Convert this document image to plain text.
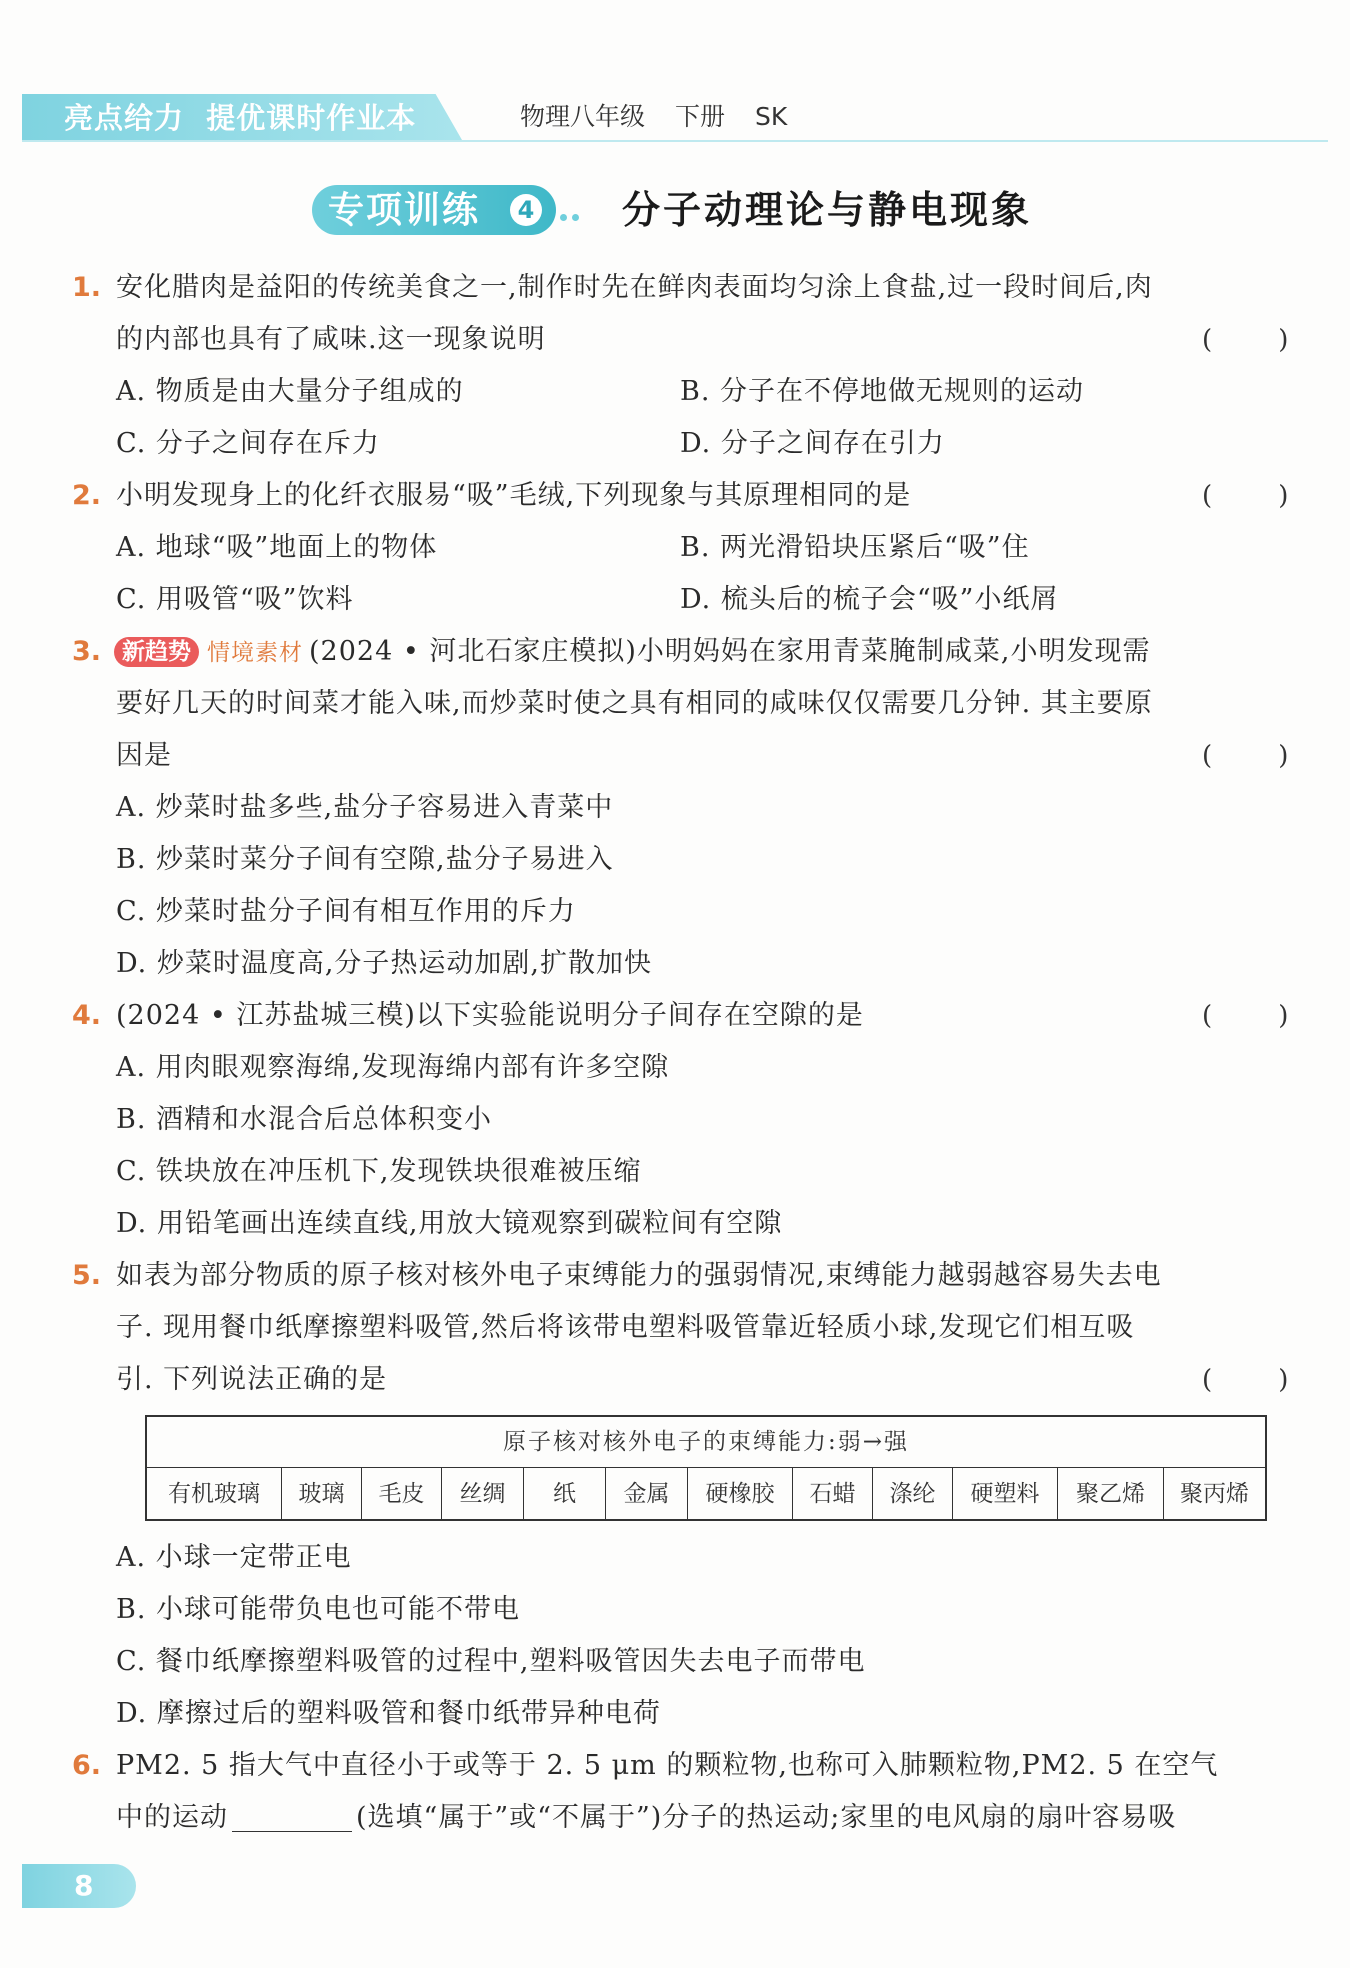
亮点给力  提优课时作业本	物理八年级 下册 SK
专项训练	4 分子动理论与静电现象
1. 安化腊肉是益阳的传统美食之一,制作时先在鲜肉表面均匀涂上食盐,过一段时间后,肉
的内部也具有了咸味.这一现象说明	(        )
A. 物质是由大量分子组成的	B. 分子在不停地做无规则的运动
C. 分子之间存在斥力	D. 分子之间存在引力
2. 小明发现身上的化纤衣服易“吸”毛绒,下列现象与其原理相同的是	(        )
A. 地球“吸”地面上的物体	B. 两光滑铅块压紧后“吸”住
C. 用吸管“吸”饮料	D. 梳头后的梳子会“吸”小纸屑
3. 新趋势 情境素材 (2024 • 河北石家庄模拟)小明妈妈在家用青菜腌制咸菜,小明发现需
要好几天的时间菜才能入味,而炒菜时使之具有相同的咸味仅仅需要几分钟. 其主要原
因是	(        )
A. 炒菜时盐多些,盐分子容易进入青菜中
B. 炒菜时菜分子间有空隙,盐分子易进入
C. 炒菜时盐分子间有相互作用的斥力
D. 炒菜时温度高,分子热运动加剧,扩散加快
4. (2024 • 江苏盐城三模)以下实验能说明分子间存在空隙的是	(        )
A. 用肉眼观察海绵,发现海绵内部有许多空隙
B. 酒精和水混合后总体积变小
C. 铁块放在冲压机下,发现铁块很难被压缩
D. 用铅笔画出连续直线,用放大镜观察到碳粒间有空隙
5. 如表为部分物质的原子核对核外电子束缚能力的强弱情况,束缚能力越弱越容易失去电
子. 现用餐巾纸摩擦塑料吸管,然后将该带电塑料吸管靠近轻质小球,发现它们相互吸
引. 下列说法正确的是	(        )
原子核对核外电子的束缚能力:弱→强
有机玻璃	玻璃	毛皮	丝绸	纸	金属	硬橡胶	石蜡	涤纶	硬塑料	聚乙烯	聚丙烯
A. 小球一定带正电
B. 小球可能带负电也可能不带电
C. 餐巾纸摩擦塑料吸管的过程中,塑料吸管因失去电子而带电
D. 摩擦过后的塑料吸管和餐巾纸带异种电荷
6. PM2. 5 指大气中直径小于或等于 2. 5 μm 的颗粒物,也称可入肺颗粒物,PM2. 5 在空气
中的运动	(选填“属于”或“不属于”)分子的热运动;家里的电风扇的扇叶容易吸
8
